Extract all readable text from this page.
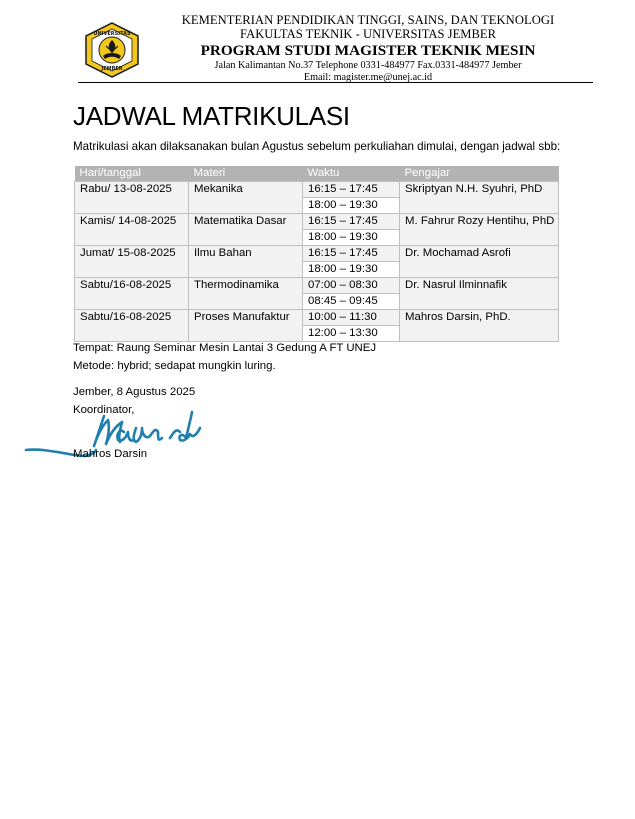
UNIVERSITAS
JEMBER
KEMENTERIAN PENDIDIKAN TINGGI, SAINS, DAN TEKNOLOGI
FAKULTAS TEKNIK - UNIVERSITAS JEMBER
PROGRAM STUDI MAGISTER TEKNIK MESIN
Jalan Kalimantan No.37 Telephone 0331-484977 Fax.0331-484977 Jember
Email: magister.me@unej.ac.id
JADWAL MATRIKULASI
Matrikulasi akan dilaksanakan bulan Agustus sebelum perkuliahan dimulai, dengan jadwal sbb:
Hari/tanggal	Materi	Waktu	Pengajar
Rabu/ 13-08-2025	Mekanika	16:15 – 17:45	Skriptyan N.H. Syuhri, PhD
		18:00 – 19:30	
Kamis/ 14-08-2025	Matematika Dasar	16:15 – 17:45	M. Fahrur Rozy Hentihu, PhD
		18:00 – 19:30	
Jumat/ 15-08-2025	Ilmu Bahan	16:15 – 17:45	Dr. Mochamad Asrofi
		18:00 – 19:30	
Sabtu/16-08-2025	Thermodinamika	07:00 – 08:30	Dr. Nasrul Ilminnafik
		08:45 – 09:45	
Sabtu/16-08-2025	Proses Manufaktur	10:00 – 11:30	Mahros Darsin, PhD.
		12:00 – 13:30	
Tempat: Raung Seminar Mesin Lantai 3 Gedung A FT UNEJ
Metode: hybrid; sedapat mungkin luring.
Jember, 8 Agustus 2025
Koordinator,
Mahros Darsin
